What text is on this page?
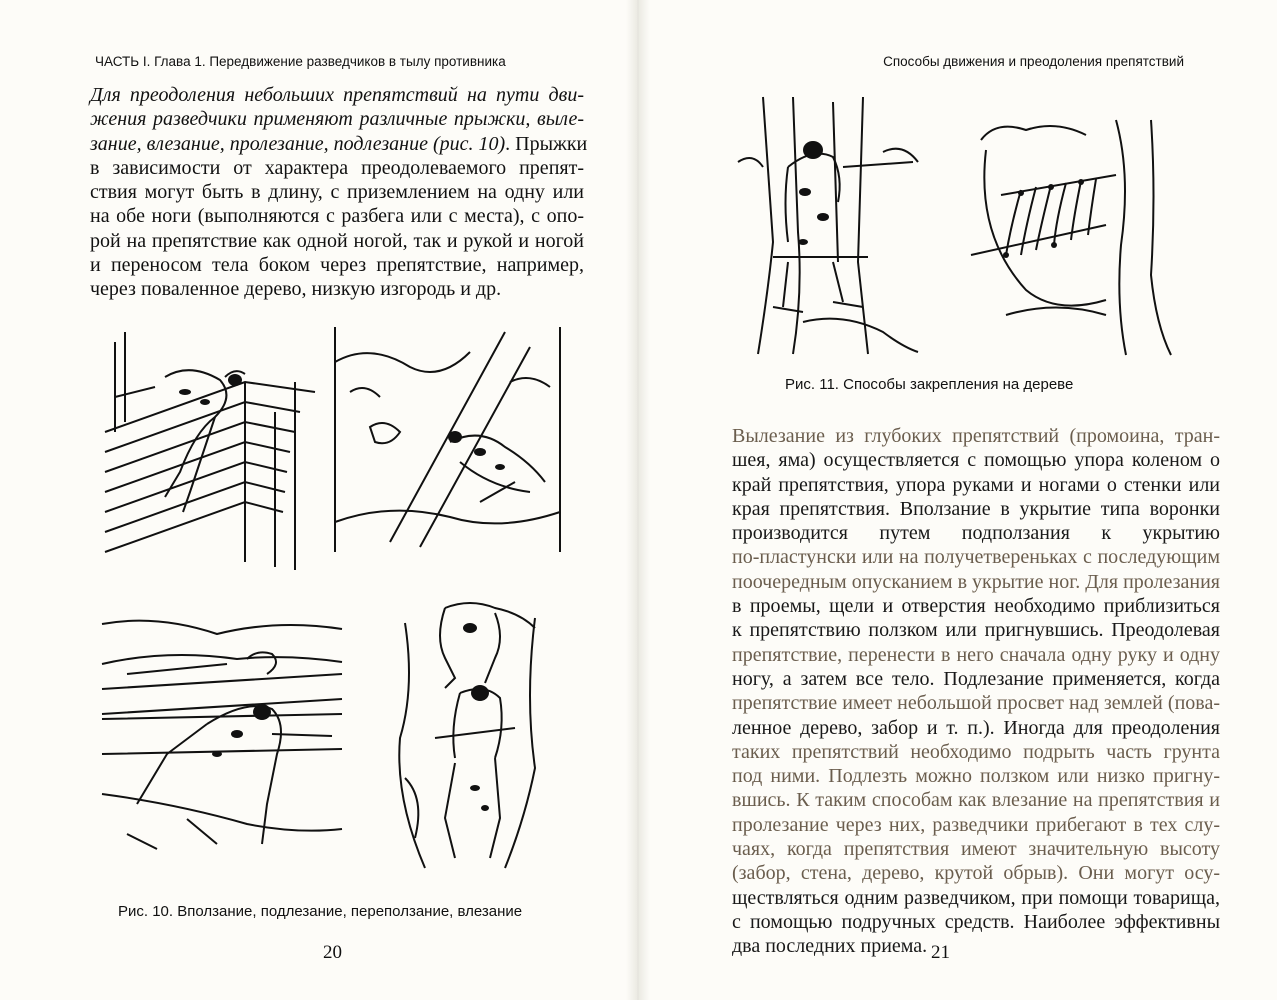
ЧАСТЬ I. Глава 1. Передвижение разведчиков в тылу противника
Для преодоления небольших препятствий на пути дви-
жения разведчики применяют различные прыжки, выле-
зание, влезание, пролезание, подлезание (рис. 10). Прыжки
в зависимости от характера преодолеваемого препят-
ствия могут быть в длину, с приземлением на одну или
на обе ноги (выполняются с разбега или с места), с опо-
рой на препятствие как одной ногой, так и рукой и ногой
и переносом тела боком через препятствие, например,
через поваленное дерево, низкую изгородь и др.
Рис. 10. Вползание, подлезание, переползание, влезание
20
Способы движения и преодоления препятствий
Рис. 11. Способы закрепления на дереве
Вылезание из глубоких препятствий (промоина, тран-
шея, яма) осуществляется с помощью упора коленом о
край препятствия, упора руками и ногами о стенки или
края препятствия. Вползание в укрытие типа воронки
производится путем подползания к укрытию
по-пластунски или на получетвереньках с последующим
поочередным опусканием в укрытие ног. Для пролезания
в проемы, щели и отверстия необходимо приблизиться
к препятствию ползком или пригнувшись. Преодолевая
препятствие, перенести в него сначала одну руку и одну
ногу, а затем все тело. Подлезание применяется, когда
препятствие имеет небольшой просвет над землей (пова-
ленное дерево, забор и т. п.). Иногда для преодоления
таких препятствий необходимо подрыть часть грунта
под ними. Подлезть можно ползком или низко пригну-
вшись. К таким способам как влезание на препятствия и
пролезание через них, разведчики прибегают в тех слу-
чаях, когда препятствия имеют значительную высоту
(забор, стена, дерево, крутой обрыв). Они могут осу-
ществляться одним разведчиком, при помощи товарища,
с помощью подручных средств. Наиболее эффективны
два последних приема. 21
